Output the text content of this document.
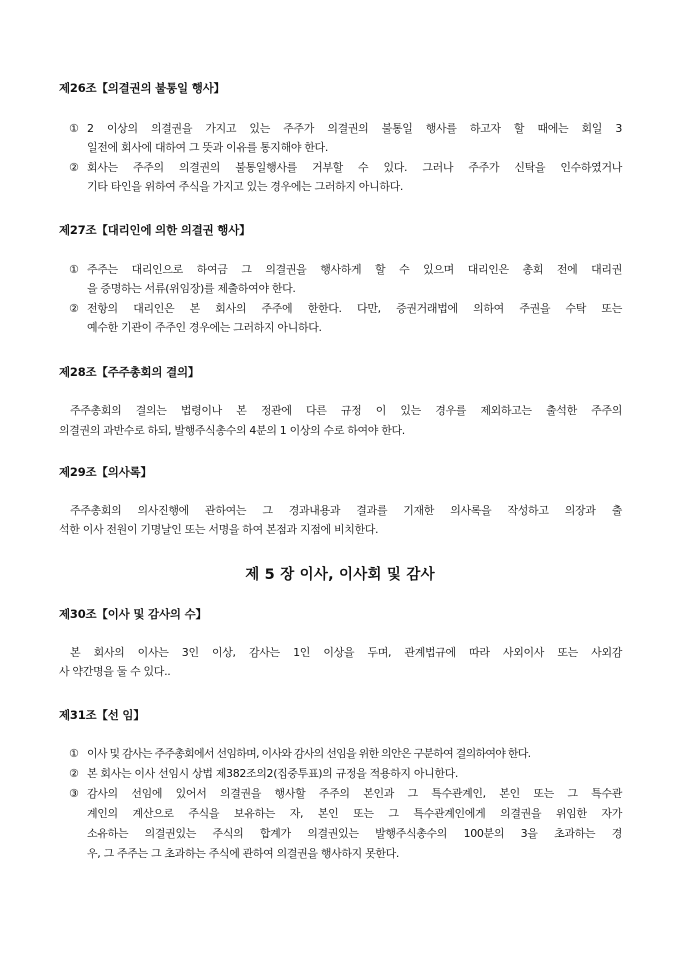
제26조【의결권의 불통일 행사】
① 2 이상의 의결권을 가지고 있는 주주가 의결권의 불통일 행사를 하고자 할 때에는 회일 3
일전에 회사에 대하여 그 뜻과 이유를 통지해야 한다.
② 회사는 주주의 의결권의 불통일행사를 거부할 수 있다. 그러나 주주가 신탁을 인수하였거나
기타 타인을 위하여 주식을 가지고 있는 경우에는 그러하지 아니하다.
제27조【대리인에 의한 의결권 행사】
① 주주는 대리인으로 하여금 그 의결권을 행사하게 할 수 있으며 대리인은 총회 전에 대리권
을 증명하는 서류(위임장)를 제출하여야 한다.
② 전항의 대리인은 본 회사의 주주에 한한다. 다만, 증권거래법에 의하여 주권을 수탁 또는
예수한 기관이 주주인 경우에는 그러하지 아니하다.
제28조【주주총회의 결의】
주주총회의 결의는 법령이나 본 정관에 다른 규정 이 있는 경우를 제외하고는 출석한 주주의
의결권의 과반수로 하되, 발행주식총수의 4분의 1 이상의 수로 하여야 한다.
제29조【의사록】
주주총회의 의사진행에 관하여는 그 경과내용과 결과를 기재한 의사록을 작성하고 의장과 출
석한 이사 전원이 기명날인 또는 서명을 하여 본점과 지점에 비치한다.
제 5 장 이사, 이사회 및 감사
제30조【이사 및 감사의 수】
본 회사의 이사는 3인 이상, 감사는 1인 이상을 두며, 관계법규에 따라 사외이사 또는 사외감
사 약간명을 둘 수 있다..
제31조【선 임】
① 이사 및 감사는 주주총회에서 선임하며, 이사와 감사의 선임을 위한 의안은 구분하여 결의하여야 한다.
② 본 회사는 이사 선임시 상법 제382조의2(집중투표)의 규정을 적용하지 아니한다.
③ 감사의 선임에 있어서 의결권을 행사할 주주의 본인과 그 특수관계인, 본인 또는 그 특수관
계인의 계산으로 주식을 보유하는 자, 본인 또는 그 특수관계인에게 의결권을 위임한 자가
소유하는 의결권있는 주식의 합계가 의결권있는 발행주식총수의 100분의 3을 초과하는 경
우, 그 주주는 그 초과하는 주식에 관하여 의결권을 행사하지 못한다.
